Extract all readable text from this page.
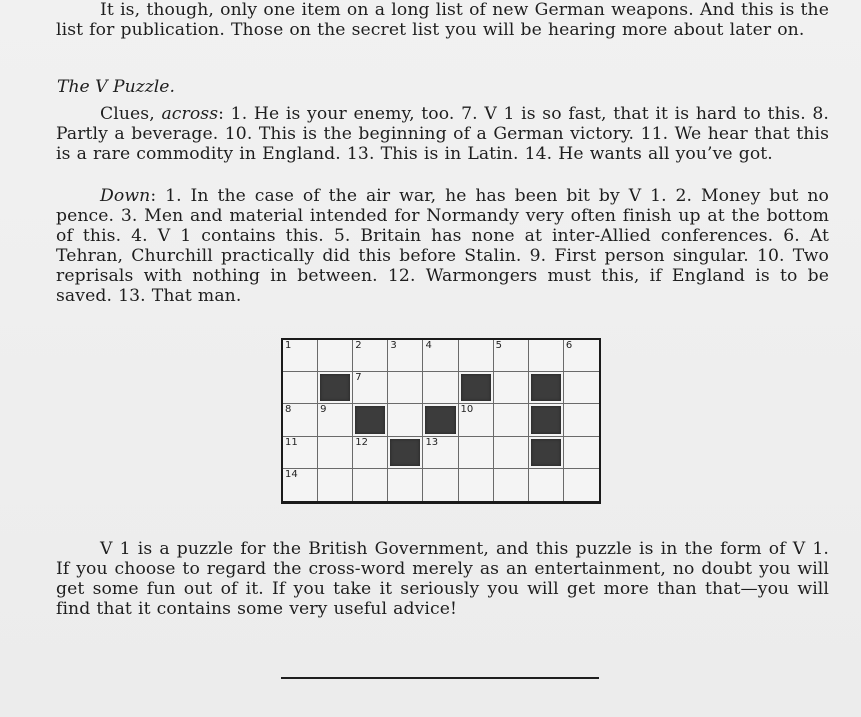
It is, though, only one item on a long list of new German weapons. And this is the list for publication. Those on the secret list you will be hearing more about later on.

The V Puzzle.

Clues, across: 1. He is your enemy, too. 7. V 1 is so fast, that it is hard to this. 8. Partly a beverage. 10. This is the beginning of a German victory. 11. We hear that this is a rare commodity in England. 13. This is in Latin. 14. He wants all you’ve got.

Down: 1. In the case of the air war, he has been bit by V 1. 2. Money but no pence. 3. Men and material intended for Normandy very often finish up at the bottom of this. 4. V 1 contains this. 5. Britain has none at inter-Allied conferences. 6. At Tehran, Churchill practically did this before Stalin. 9. First person singular. 10. Two reprisals with nothing in between. 12. Warmongers must this, if England is to be saved. 13. That man.

1	2	3	4	5	6
7
8	9	10
11	12	13
14

V 1 is a puzzle for the British Government, and this puzzle is in the form of V 1. If you choose to regard the cross-word merely as an entertainment, no doubt you will get some fun out of it. If you take it seriously you will get more than that—you will find that it contains some very useful advice!
